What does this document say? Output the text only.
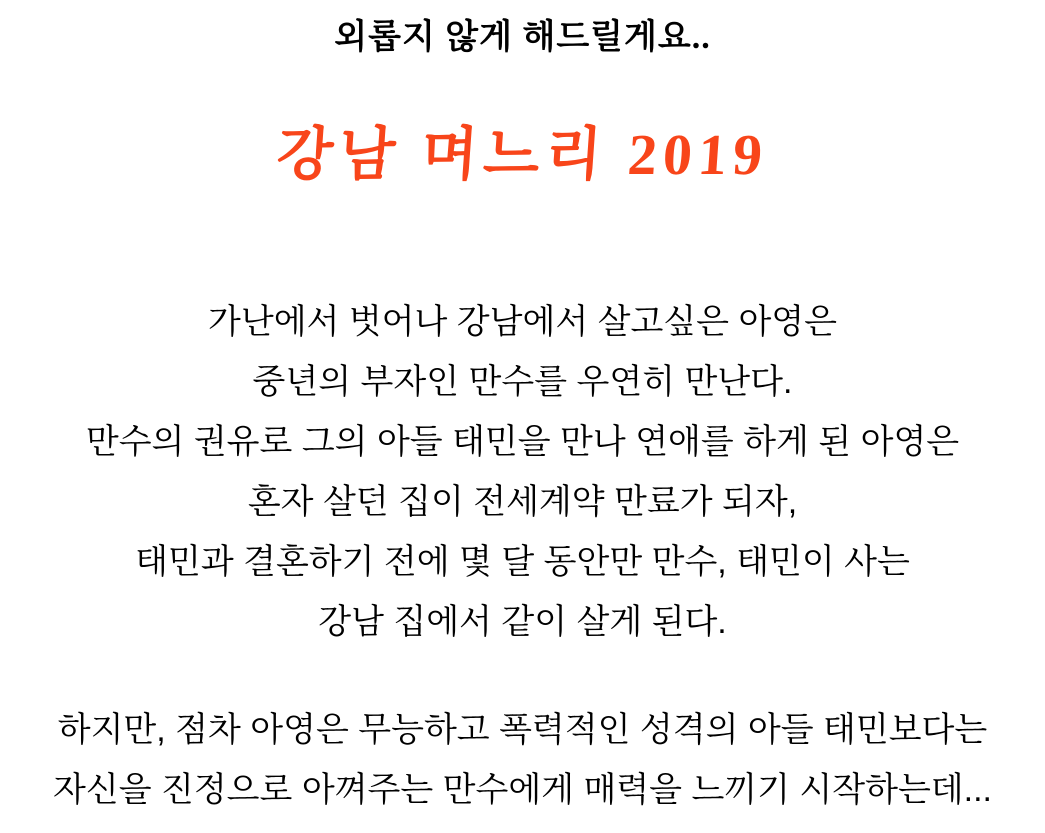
외롭지 않게 해드릴게요..
강남 며느리 2019
가난에서 벗어나 강남에서 살고싶은 아영은
중년의 부자인 만수를 우연히 만난다.
만수의 권유로 그의 아들 태민을 만나 연애를 하게 된 아영은
혼자 살던 집이 전세계약 만료가 되자,
태민과 결혼하기 전에 몇 달 동안만 만수, 태민이 사는
강남 집에서 같이 살게 된다.
하지만, 점차 아영은 무능하고 폭력적인 성격의 아들 태민보다는
자신을 진정으로 아껴주는 만수에게 매력을 느끼기 시작하는데...
